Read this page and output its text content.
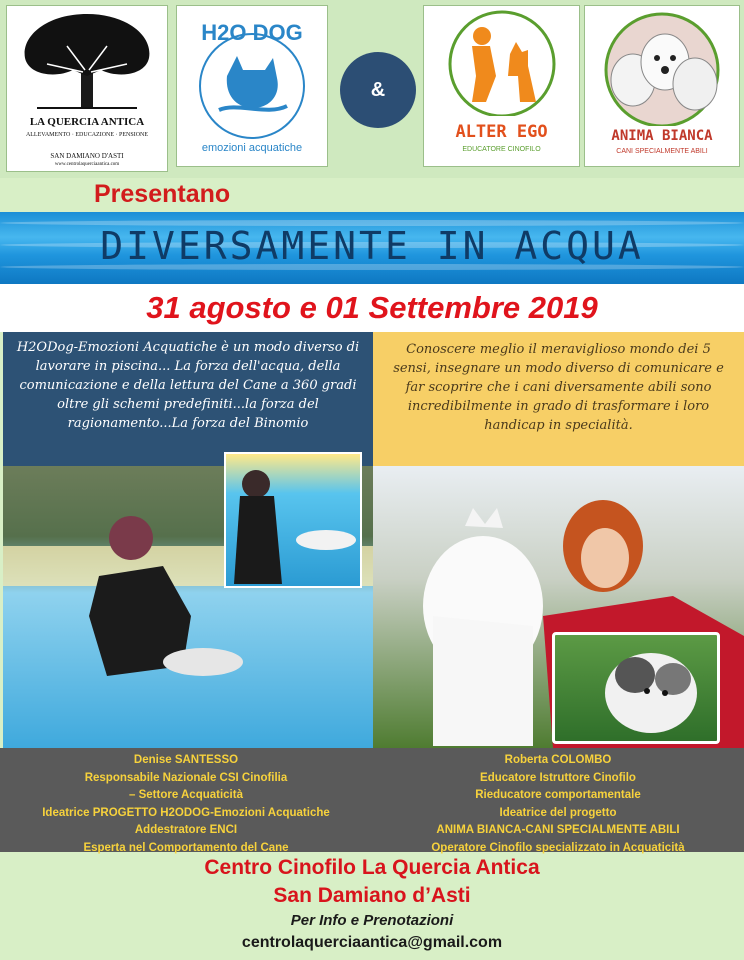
LA QUERCIA ANTICA
ALLEVAMENTO · EDUCAZIONE · PENSIONE
SAN DAMIANO D'ASTI
www.centrolaquerciaantica.com
H2O DOG
emozioni acquatiche
&
ALTER EGO
EDUCATORE CINOFILO
ANIMA BIANCA
CANI SPECIALMENTE ABILI
Presentano
DIVERSAMENTE IN ACQUA
31 agosto e 01 Settembre 2019
H2ODog-Emozioni Acquatiche è un modo diverso di lavorare in piscina... La forza dell'acqua, della comunicazione e della lettura del Cane a 360 gradi oltre gli schemi predefiniti...la forza del ragionamento...La forza del Binomio
Conoscere meglio il meraviglioso mondo dei 5 sensi, insegnare un modo diverso di comunicare e far scoprire che i cani diversamente abili sono incredibilmente in grado di trasformare i loro handicap in specialità.
Denise SANTESSO
Responsabile Nazionale CSI Cinofilia
– Settore Acquaticità
Ideatrice PROGETTO H2ODOG-Emozioni Acquatiche
Addestratore ENCI
Esperta nel Comportamento del Cane
Roberta COLOMBO
Educatore Istruttore Cinofilo
Rieducatore comportamentale
Ideatrice del progetto
ANIMA BIANCA-CANI SPECIALMENTE ABILI
Operatore Cinofilo specializzato in Acquaticità
Centro Cinofilo La Quercia Antica
San Damiano d’Asti
Per Info e Prenotazioni
centrolaquerciaantica@gmail.com
